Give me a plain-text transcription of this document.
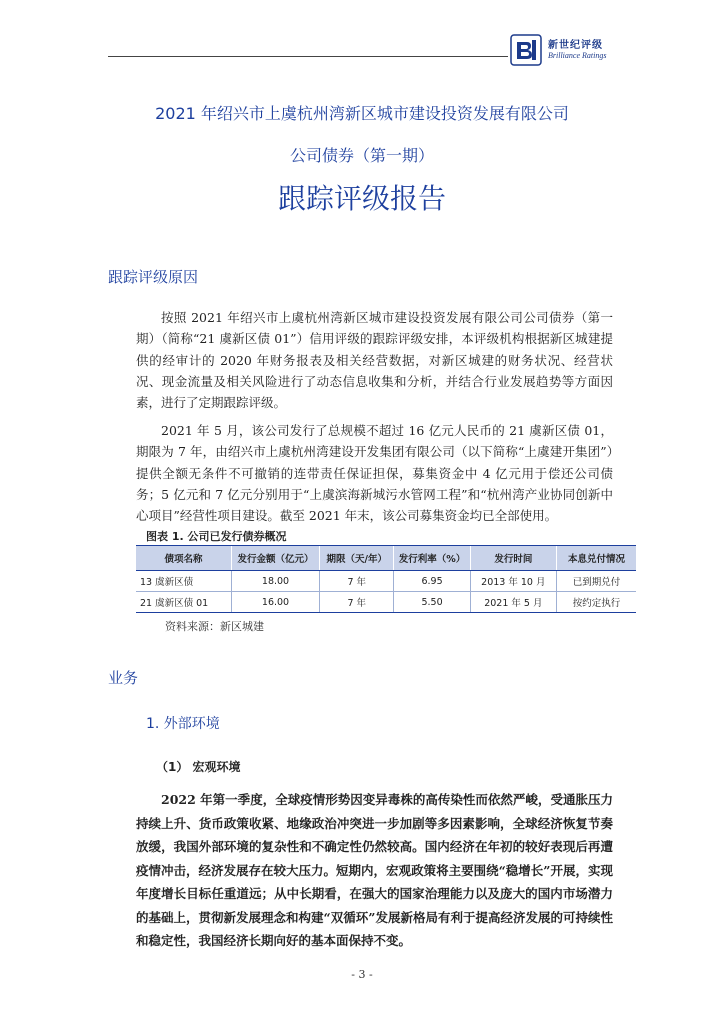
新世纪评级
Brilliance Ratings
2021 年绍兴市上虞杭州湾新区城市建设投资发展有限公司
公司债券（第一期）
跟踪评级报告
跟踪评级原因
按照 2021 年绍兴市上虞杭州湾新区城市建设投资发展有限公司公司债券（第一期）（简称“21 虞新区债 01”）信用评级的跟踪评级安排，本评级机构根据新区城建提供的经审计的 2020 年财务报表及相关经营数据，对新区城建的财务状况、经营状况、现金流量及相关风险进行了动态信息收集和分析，并结合行业发展趋势等方面因素，进行了定期跟踪评级。
2021 年 5 月，该公司发行了总规模不超过 16 亿元人民币的 21 虞新区债 01，期限为 7 年，由绍兴市上虞杭州湾建设开发集团有限公司（以下简称“上虞建开集团”）提供全额无条件不可撤销的连带责任保证担保，募集资金中 4 亿元用于偿还公司债务；5 亿元和 7 亿元分别用于“上虞滨海新城污水管网工程”和“杭州湾产业协同创新中心项目”经营性项目建设。截至 2021 年末，该公司募集资金均已全部使用。
图表 1. 公司已发行债券概况
债项名称	发行金额（亿元）	期限（天/年）	发行利率（%）	发行时间	本息兑付情况
13 虞新区债	18.00	7 年	6.95	2013 年 10 月	已到期兑付
21 虞新区债 01	16.00	7 年	5.50	2021 年 5 月	按约定执行
资料来源：新区城建
业务
1. 外部环境
（1） 宏观环境
2022 年第一季度，全球疫情形势因变异毒株的高传染性而依然严峻，受通胀压力持续上升、货币政策收紧、地缘政治冲突进一步加剧等多因素影响，全球经济恢复节奏放缓，我国外部环境的复杂性和不确定性仍然较高。国内经济在年初的较好表现后再遭疫情冲击，经济发展存在较大压力。短期内，宏观政策将主要围绕“稳增长”开展，实现年度增长目标任重道远；从中长期看，在强大的国家治理能力以及庞大的国内市场潜力的基础上，贯彻新发展理念和构建“双循环”发展新格局有利于提高经济发展的可持续性和稳定性，我国经济长期向好的基本面保持不变。
- 3 -
